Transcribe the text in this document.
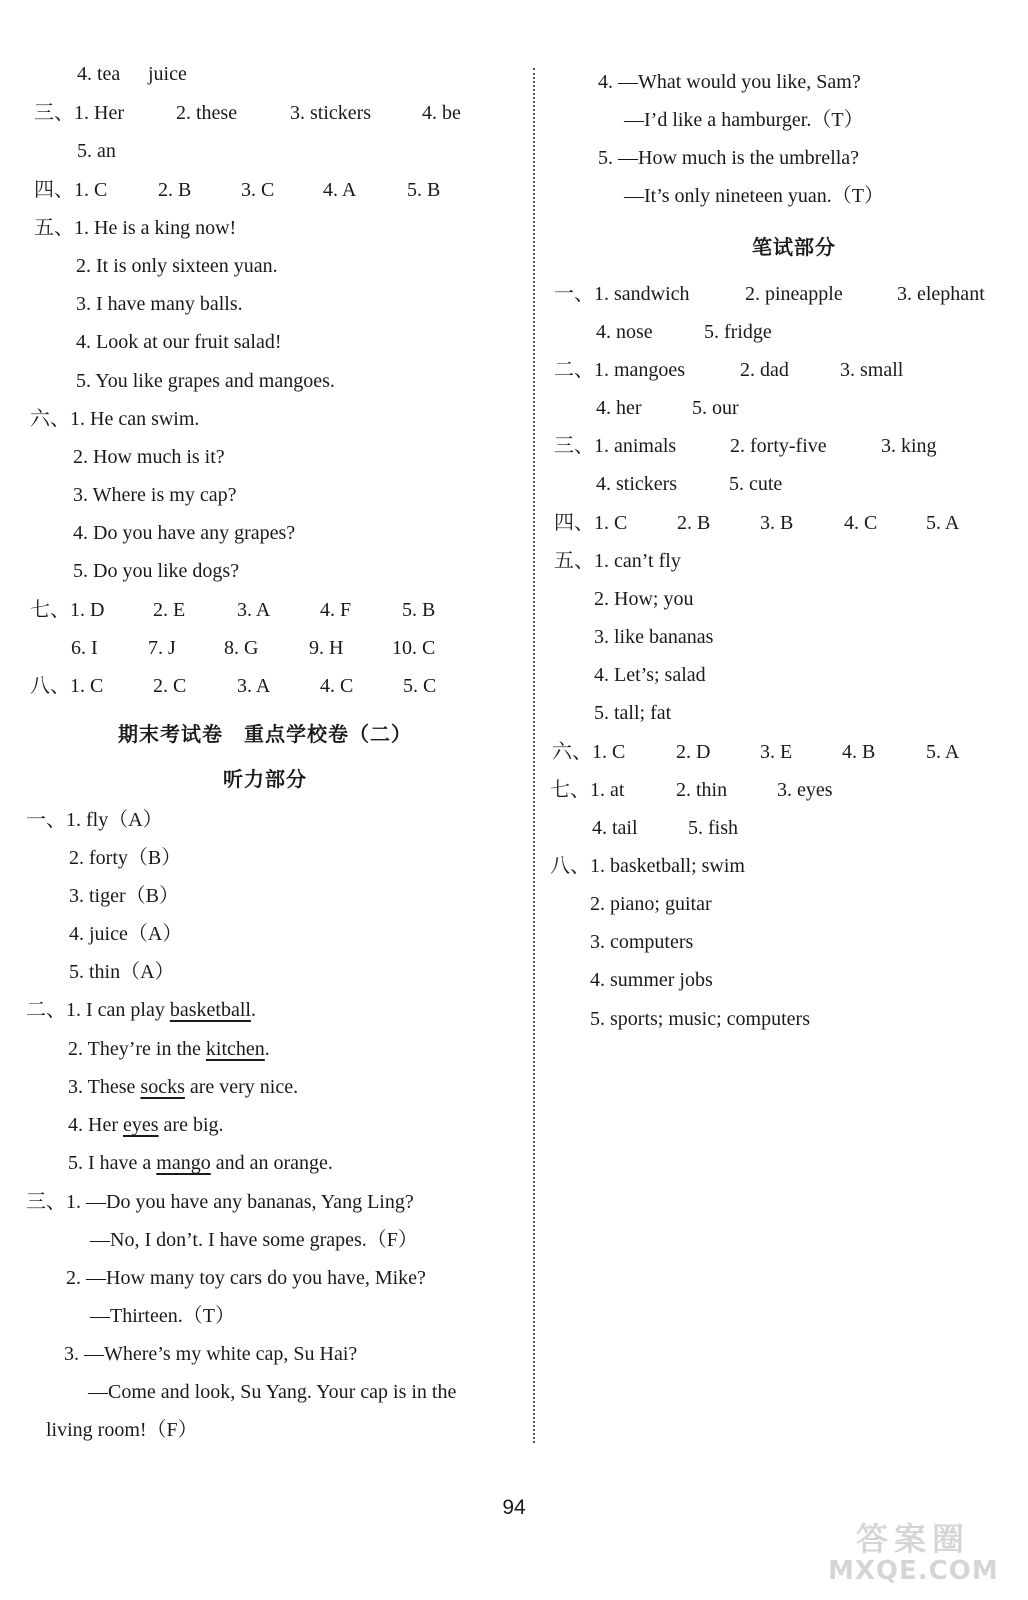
4. tea juice
三、1. Her	2. these	3. stickers	4. be
5. an
四、1. C	2. B 3. C 4. A	5. B
五、1. He is a king now!
2. It is only sixteen yuan.
3. I have many balls.
4. Look at our fruit salad!
5. You like grapes and mangoes.
六、1. He can swim.
2. How much is it?
3. Where is my cap?
4. Do you have any grapes?
5. Do you like dogs?
七、1. D 2. E	3. A 4. F	5. B
6. I	7. J 8. G	9. H 10. C
八、1. C 2. C	3. A 4. C 5. C
期末考试卷　重点学校卷（二）
听力部分
一、1. fly（A）
2. forty（B）
3. tiger（B）
4. juice（A）
5. thin（A）
二、1. I can play basketball.
2. They’re in the kitchen.
3. These socks are very nice.
4. Her eyes are big.
5. I have a mango and an orange.
三、1. —Do you have any bananas, Yang Ling?
—No, I don’t. I have some grapes.（F）
2. —How many toy cars do you have, Mike?
—Thirteen.（T）
3. —Where’s my white cap, Su Hai?
—Come and look, Su Yang. Your cap is in the
living room!（F）
4. —What would you like, Sam?
—I’d like a hamburger.（T）
5. —How much is the umbrella?
—It’s only nineteen yuan.（T）
笔试部分
一、1. sandwich	2. pineapple	3. elephant
4. nose	5. fridge
二、1. mangoes	2. dad	3. small
4. her	5. our
三、1. animals	2. forty-five	3. king
4. stickers	5. cute
四、1. C 2. B 3. B	4. C 5. A
五、1. can’t fly
2. How; you
3. like bananas
4. Let’s; salad
5. tall; fat
六、1. C	2. D 3. E 4. B	5. A
七、1. at	2. thin 3. eyes
4. tail	5. fish
八、1. basketball; swim
2. piano; guitar
3. computers
4. summer jobs
5. sports; music; computers
94
答案圈
MXQE.COM
